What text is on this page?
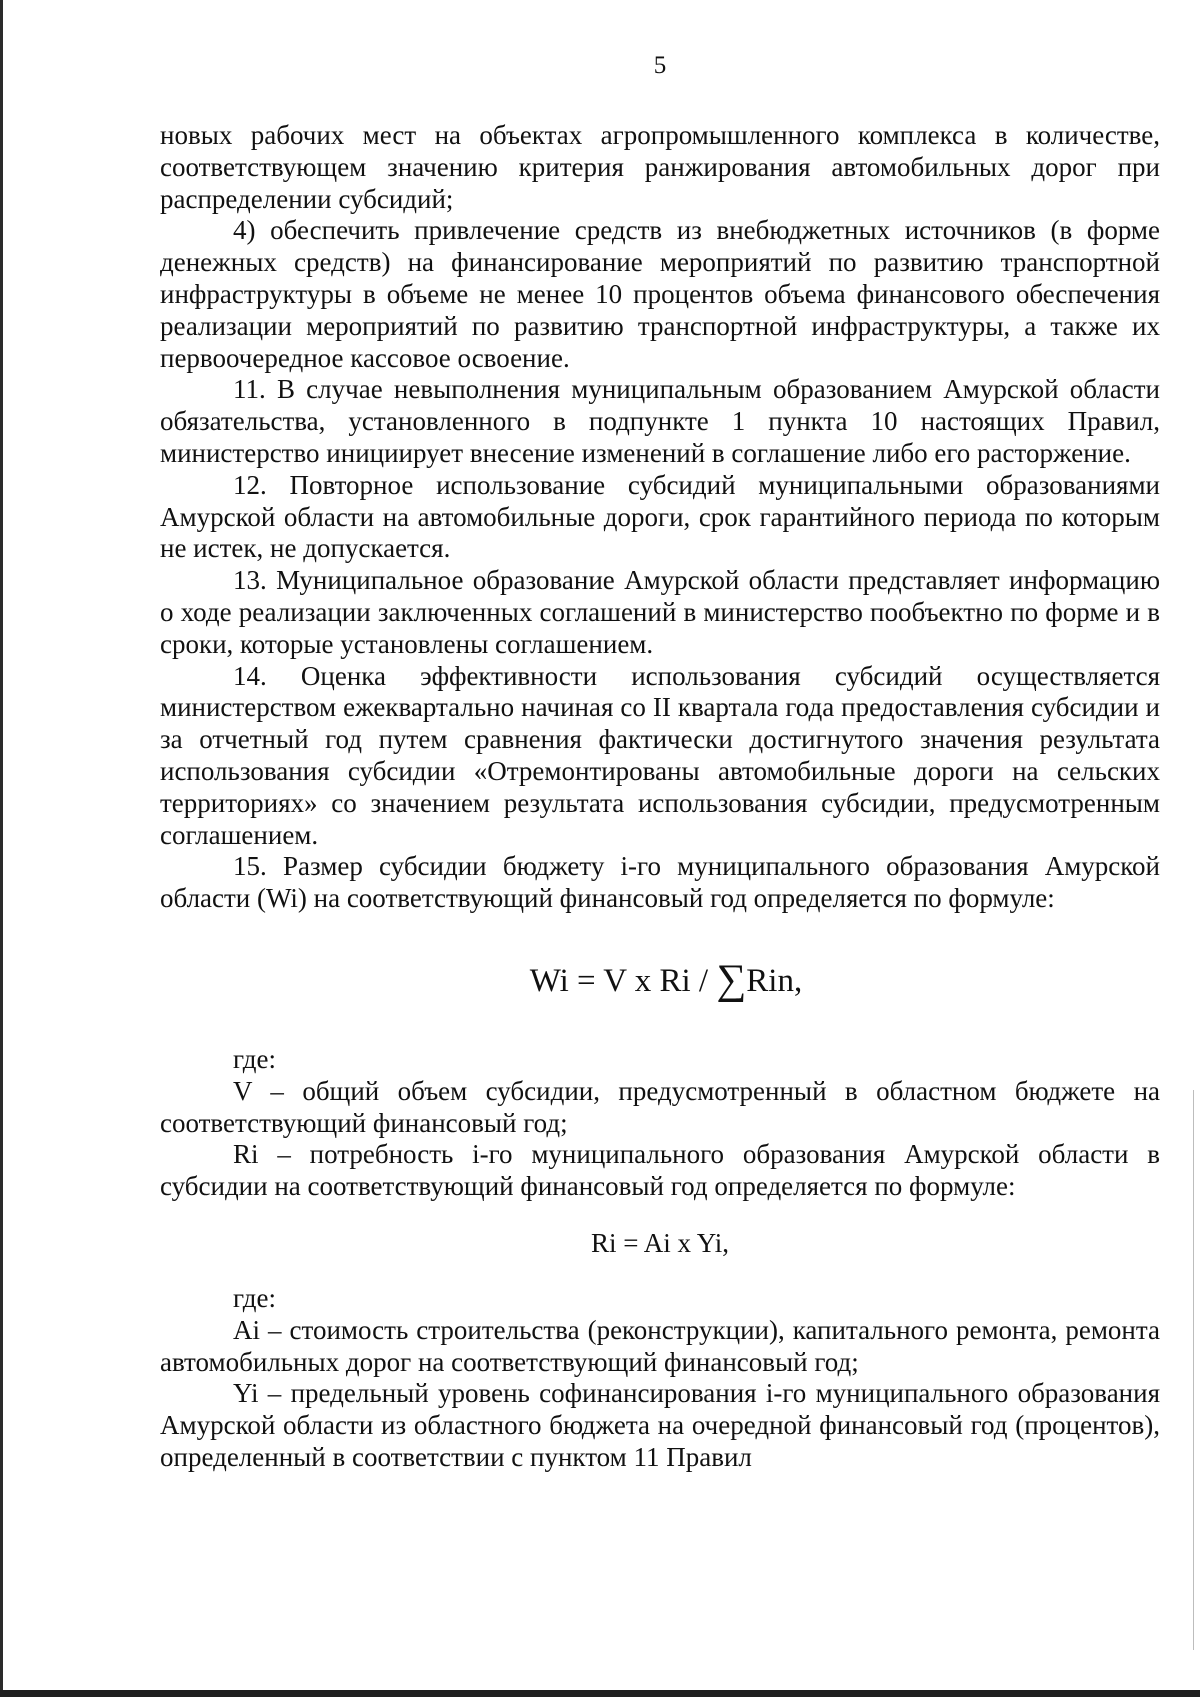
5

новых рабочих мест на объектах агропромышленного комплекса в количестве, соответствующем значению критерия ранжирования автомобильных дорог при распределении субсидий;

4) обеспечить привлечение средств из внебюджетных источников (в форме денежных средств) на финансирование мероприятий по развитию транспортной инфраструктуры в объеме не менее 10 процентов объема финансового обеспечения реализации мероприятий по развитию транспортной инфраструктуры, а также их первоочередное кассовое освоение.

11. В случае невыполнения муниципальным образованием Амурской области обязательства, установленного в подпункте 1 пункта 10 настоящих Правил, министерство инициирует внесение изменений в соглашение либо его расторжение.

12. Повторное использование субсидий муниципальными образованиями Амурской области на автомобильные дороги, срок гарантийного периода по которым не истек, не допускается.

13. Муниципальное образование Амурской области представляет информацию о ходе реализации заключенных соглашений в министерство пообъектно по форме и в сроки, которые установлены соглашением.

14. Оценка эффективности использования субсидий осуществляется министерством ежеквартально начиная со II квартала года предоставления субсидии и за отчетный год путем сравнения фактически достигнутого значения результата использования субсидии «Отремонтированы автомобильные дороги на сельских территориях» со значением результата использования субсидии, предусмотренным соглашением.

15. Размер субсидии бюджету i-го муниципального образования Амурской области (Wi) на соответствующий финансовый год определяется по формуле:

Wi = V x Ri / ∑Rin,

где:

V – общий объем субсидии, предусмотренный в областном бюджете на соответствующий финансовый год;

Ri – потребность i-го муниципального образования Амурской области в субсидии на соответствующий финансовый год определяется по формуле:

Ri = Ai x Yi,

где:

Ai – стоимость строительства (реконструкции), капитального ремонта, ремонта автомобильных дорог на соответствующий финансовый год;

Yi – предельный уровень софинансирования i-го муниципального образования Амурской области из областного бюджета на очередной финансовый год (процентов), определенный в соответствии с пунктом 11 Правил
